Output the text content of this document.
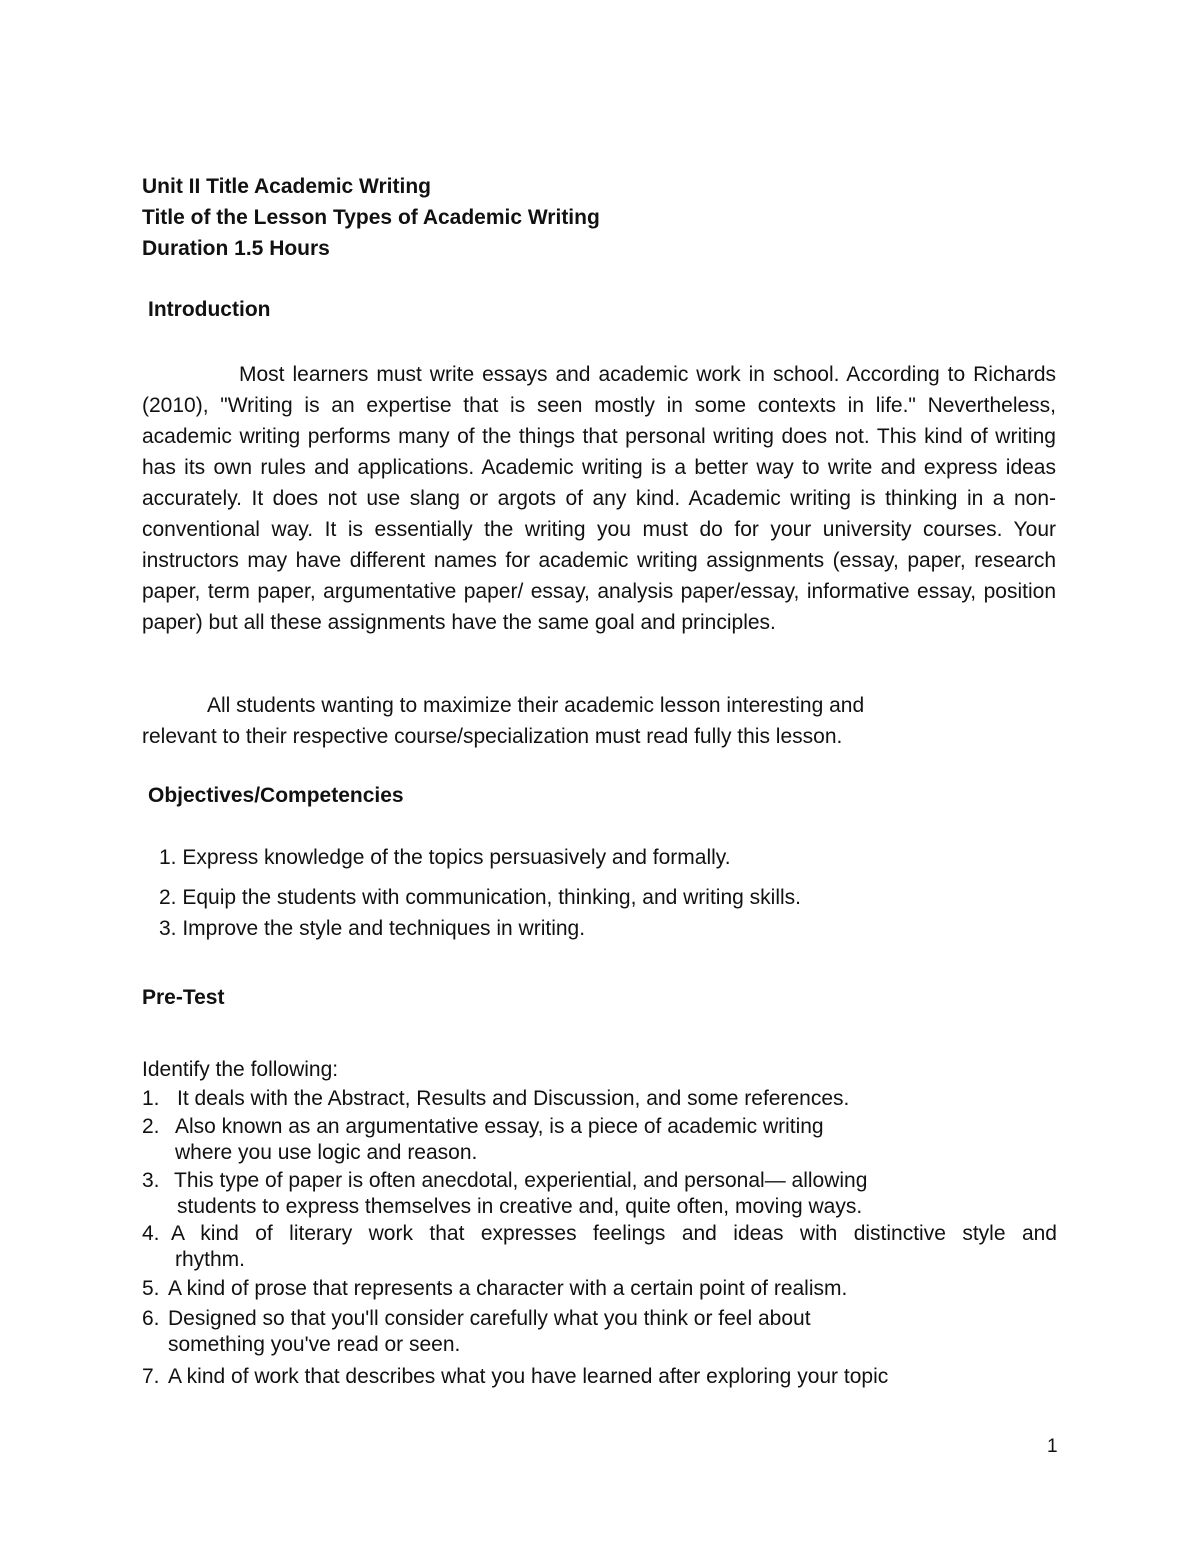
Unit II Title Academic Writing
Title of the Lesson Types of Academic Writing
Duration 1.5 Hours
Introduction

Most learners must write essays and academic work in school. According to Richards (2010), "Writing is an expertise that is seen mostly in some contexts in life." Nevertheless, academic writing performs many of the things that personal writing does not. This kind of writing has its own rules and applications. Academic writing is a better way to write and express ideas accurately. It does not use slang or argots of any kind. Academic writing is thinking in a non-conventional way. It is essentially the writing you must do for your university courses. Your instructors may have different names for academic writing assignments (essay, paper, research paper, term paper, argumentative paper/ essay, analysis paper/essay, informative essay, position paper) but all these assignments have the same goal and principles.

All students wanting to maximize their academic lesson interesting and
relevant to their respective course/specialization must read fully this lesson.
Objectives/Competencies
1. Express knowledge of the topics persuasively and formally.
2. Equip the students with communication, thinking, and writing skills.
3. Improve the style and techniques in writing.
Pre-Test
Identify the following:
1. It deals with the Abstract, Results and Discussion, and some references.
2. Also known as an argumentative essay, is a piece of academic writing
where you use logic and reason.
3. This type of paper is often anecdotal, experiential, and personal— allowing
students to express themselves in creative and, quite often, moving ways.
4. A kind of literary work that expresses feelings and ideas with distinctive style and
rhythm.
5. A kind of prose that represents a character with a certain point of realism.
6. Designed so that you'll consider carefully what you think or feel about
something you've read or seen.
7. A kind of work that describes what you have learned after exploring your topic
1
